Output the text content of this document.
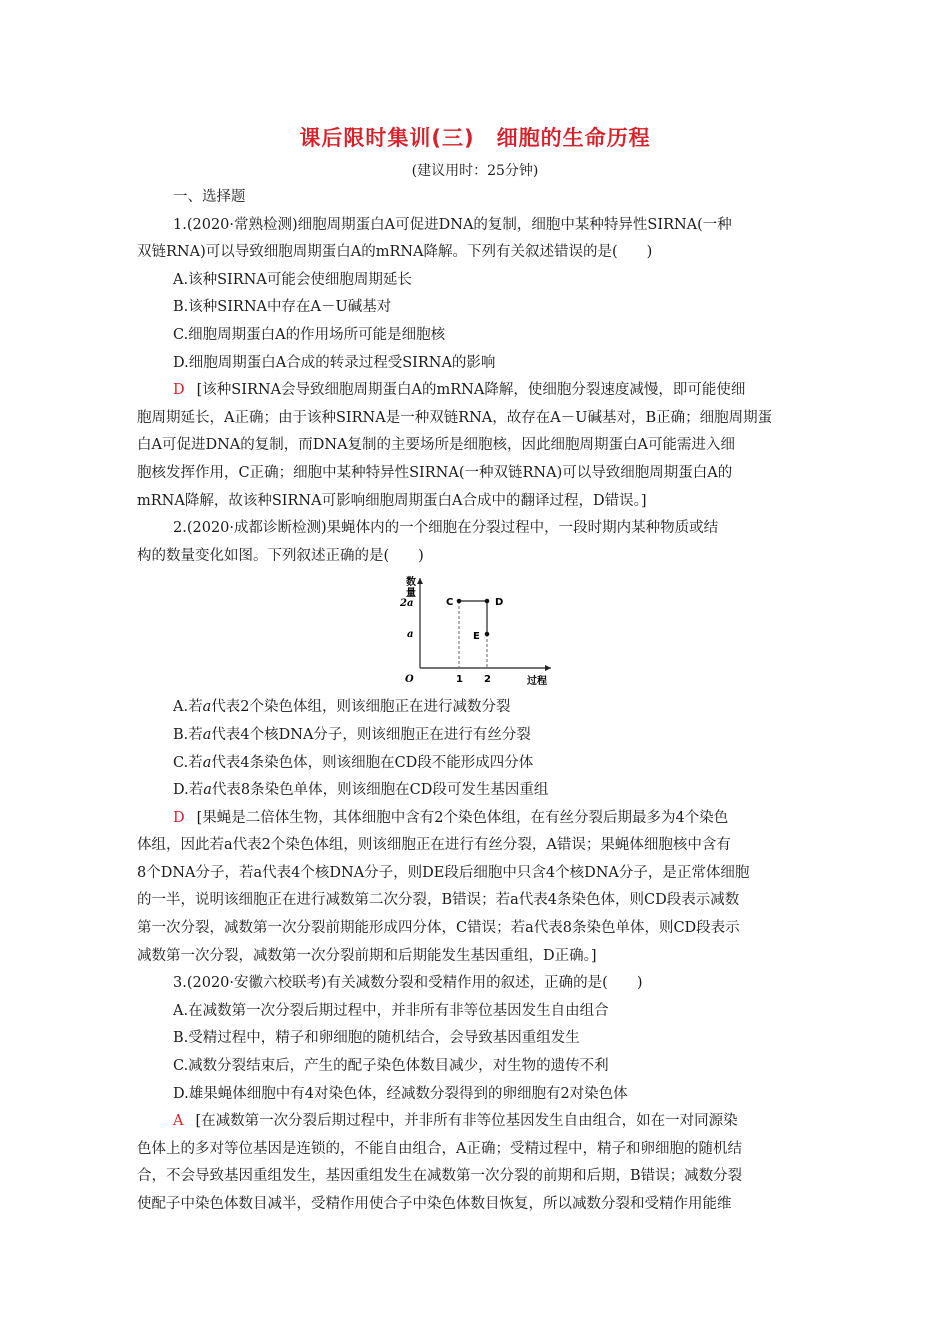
课后限时集训(三)　细胞的生命历程
(建议用时：25分钟)
一、选择题
1.(2020·常熟检测)细胞周期蛋白A可促进DNA的复制，细胞中某种特异性SIRNA(一种
双链RNA)可以导致细胞周期蛋白A的mRNA降解。下列有关叙述错误的是(　　)
A.该种SIRNA可能会使细胞周期延长
B.该种SIRNA中存在A－U碱基对
C.细胞周期蛋白A的作用场所可能是细胞核
D.细胞周期蛋白A合成的转录过程受SIRNA的影响
D [该种SIRNA会导致细胞周期蛋白A的mRNA降解，使细胞分裂速度减慢，即可能使细
胞周期延长，A正确；由于该种SIRNA是一种双链RNA，故存在A－U碱基对，B正确；细胞周期蛋
白A可促进DNA的复制，而DNA复制的主要场所是细胞核，因此细胞周期蛋白A可能需进入细
胞核发挥作用，C正确；细胞中某种特异性SIRNA(一种双链RNA)可以导致细胞周期蛋白A的
mRNA降解，故该种SIRNA可影响细胞周期蛋白A合成中的翻译过程，D错误。]
2.(2020·成都诊断检测)果蝇体内的一个细胞在分裂过程中，一段时期内某种物质或结
构的数量变化如图。下列叙述正确的是(　　)
数
量
2a
a
O	1 2	过程
C	D
E
A.若a代表2个染色体组，则该细胞正在进行减数分裂
B.若a代表4个核DNA分子，则该细胞正在进行有丝分裂
C.若a代表4条染色体，则该细胞在CD段不能形成四分体
D.若a代表8条染色单体，则该细胞在CD段可发生基因重组
D [果蝇是二倍体生物，其体细胞中含有2个染色体组，在有丝分裂后期最多为4个染色
体组，因此若a代表2个染色体组，则该细胞正在进行有丝分裂，A错误；果蝇体细胞核中含有
8个DNA分子，若a代表4个核DNA分子，则DE段后细胞中只含4个核DNA分子，是正常体细胞
的一半，说明该细胞正在进行减数第二次分裂，B错误；若a代表4条染色体，则CD段表示减数
第一次分裂，减数第一次分裂前期能形成四分体，C错误；若a代表8条染色单体，则CD段表示
减数第一次分裂，减数第一次分裂前期和后期能发生基因重组，D正确。]
3.(2020·安徽六校联考)有关减数分裂和受精作用的叙述，正确的是(　　)
A.在减数第一次分裂后期过程中，并非所有非等位基因发生自由组合
B.受精过程中，精子和卵细胞的随机结合，会导致基因重组发生
C.减数分裂结束后，产生的配子染色体数目减少，对生物的遗传不利
D.雄果蝇体细胞中有4对染色体，经减数分裂得到的卵细胞有2对染色体
A [在减数第一次分裂后期过程中，并非所有非等位基因发生自由组合，如在一对同源染
色体上的多对等位基因是连锁的，不能自由组合，A正确；受精过程中，精子和卵细胞的随机结
合，不会导致基因重组发生，基因重组发生在减数第一次分裂的前期和后期，B错误；减数分裂
使配子中染色体数目减半，受精作用使合子中染色体数目恢复，所以减数分裂和受精作用能维
